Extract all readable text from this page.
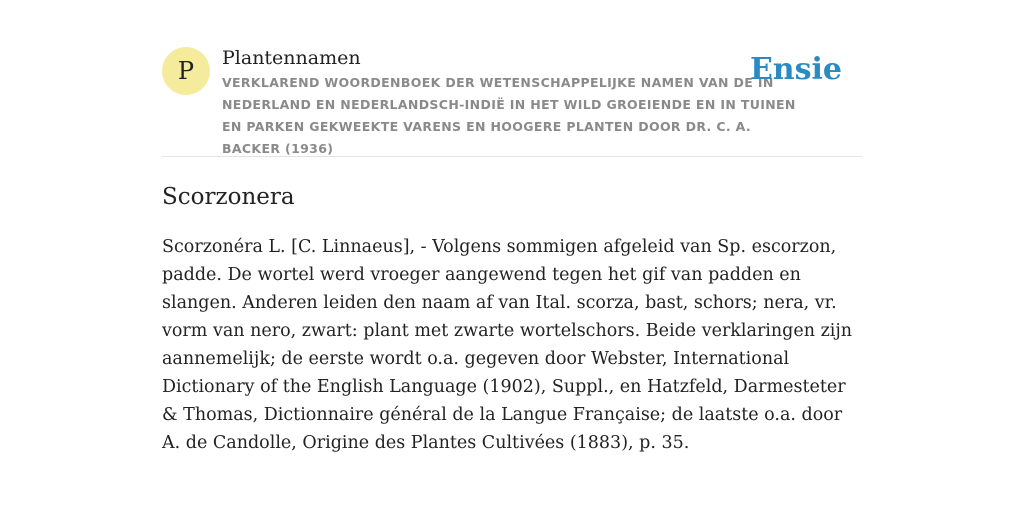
P Plantennamen

VERKLAREND WOORDENBOEK DER WETENSCHAPPELIJKE NAMEN VAN DE IN NEDERLAND EN NEDERLANDSCH-INDIË IN HET WILD GROEIENDE EN IN TUINEN EN PARKEN GEKWEEKTE VARENS EN HOOGERE PLANTEN DOOR DR. C. A. BACKER (1936)

Ensie
Scorzonera

Scorzonéra L. [C. Linnaeus], - Volgens sommigen afgeleid van Sp. escorzon, padde. De wortel werd vroeger aangewend tegen het gif van padden en slangen. Anderen leiden den naam af van Ital. scorza, bast, schors; nera, vr. vorm van nero, zwart: plant met zwarte wortelschors. Beide verklaringen zijn aannemelijk; de eerste wordt o.a. gegeven door Webster, International Dictionary of the English Language (1902), Suppl., en Hatzfeld, Darmesteter & Thomas, Dictionnaire général de la Langue Française; de laatste o.a. door A. de Candolle, Origine des Plantes Cultivées (1883), p. 35.
